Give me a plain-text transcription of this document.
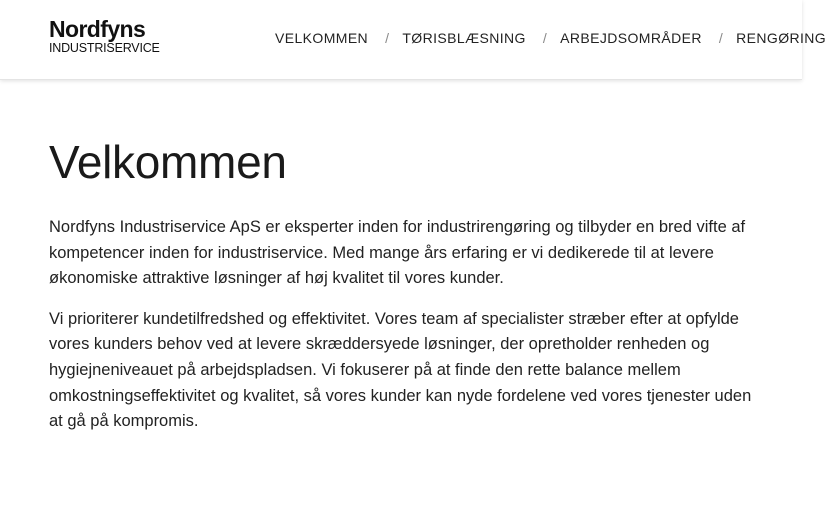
Nordfyns
INDUSTRISERVICE
VELKOMMEN / TØRISBLÆSNING / ARBEJDSOMRÅDER / RENGØRING
Velkommen

Nordfyns Industriservice ApS er eksperter inden for industrirengøring og tilbyder en bred vifte af kompetencer inden for industriservice. Med mange års erfaring er vi dedikerede til at levere økonomiske attraktive løsninger af høj kvalitet til vores kunder.

Vi prioriterer kundetilfredshed og effektivitet. Vores team af specialister stræber efter at opfylde vores kunders behov ved at levere skræddersyede løsninger, der opretholder renheden og hygiejneniveauet på arbejdspladsen. Vi fokuserer på at finde den rette balance mellem omkostningseffektivitet og kvalitet, så vores kunder kan nyde fordelene ved vores tjenester uden at gå på kompromis.
